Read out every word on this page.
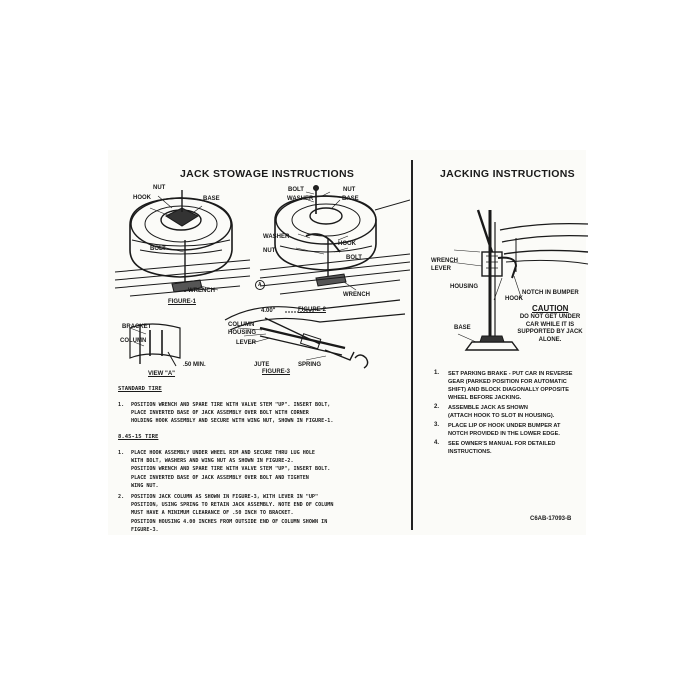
JACK STOWAGE INSTRUCTIONS
NUT
HOOK	BASE
BOLT
WRENCH
FIGURE-1
BOLT	NUT
WASHER	BASE
WASHER
HOOK
NUT
BOLT
WRENCH
FIGURE-2
A
BRACKET
COLUMN
VIEW "A"
.50 MIN.
4.00"
COLUMN
HOUSING
LEVER
JUTE	SPRING
FIGURE-3
STANDARD TIRE
1. POSITION WRENCH AND SPARE TIRE WITH VALVE STEM "UP". INSERT BOLT,
PLACE INVERTED BASE OF JACK ASSEMBLY OVER BOLT WITH CORNER
HOLDING HOOK ASSEMBLY AND SECURE WITH WING NUT, SHOWN IN FIGURE-1.
8.45-15 TIRE
1. PLACE HOOK ASSEMBLY UNDER WHEEL RIM AND SECURE THRU LUG HOLE
WITH BOLT, WASHERS AND WING NUT AS SHOWN IN FIGURE-2.
POSITION WRENCH AND SPARE TIRE WITH VALVE STEM "UP", INSERT BOLT.
PLACE INVERTED BASE OF JACK ASSEMBLY OVER BOLT AND TIGHTEN
WING NUT.
2. POSITION JACK COLUMN AS SHOWN IN FIGURE-3, WITH LEVER IN "UP"
POSITION, USING SPRING TO RETAIN JACK ASSEMBLY. NOTE END OF COLUMN
MUST HAVE A MINIMUM CLEARANCE OF .50 INCH TO BRACKET.
POSITION HOUSING 4.00 INCHES FROM OUTSIDE END OF COLUMN SHOWN IN
FIGURE-3.
JACKING INSTRUCTIONS
WRENCH
LEVER
HOUSING
HOOK
NOTCH IN BUMPER
BASE
CAUTION
DO NOT GET UNDER
CAR WHILE IT IS
SUPPORTED BY JACK
ALONE.
1. SET PARKING BRAKE - PUT CAR IN REVERSE
GEAR (PARKED POSITION FOR AUTOMATIC
SHIFT) AND BLOCK DIAGONALLY OPPOSITE
WHEEL BEFORE JACKING.
2. ASSEMBLE JACK AS SHOWN
(ATTACH HOOK TO SLOT IN HOUSING).
3. PLACE LIP OF HOOK UNDER BUMPER AT
NOTCH PROVIDED IN THE LOWER EDGE.
4. SEE OWNER'S MANUAL FOR DETAILED
INSTRUCTIONS.
C6AB-17093-B
